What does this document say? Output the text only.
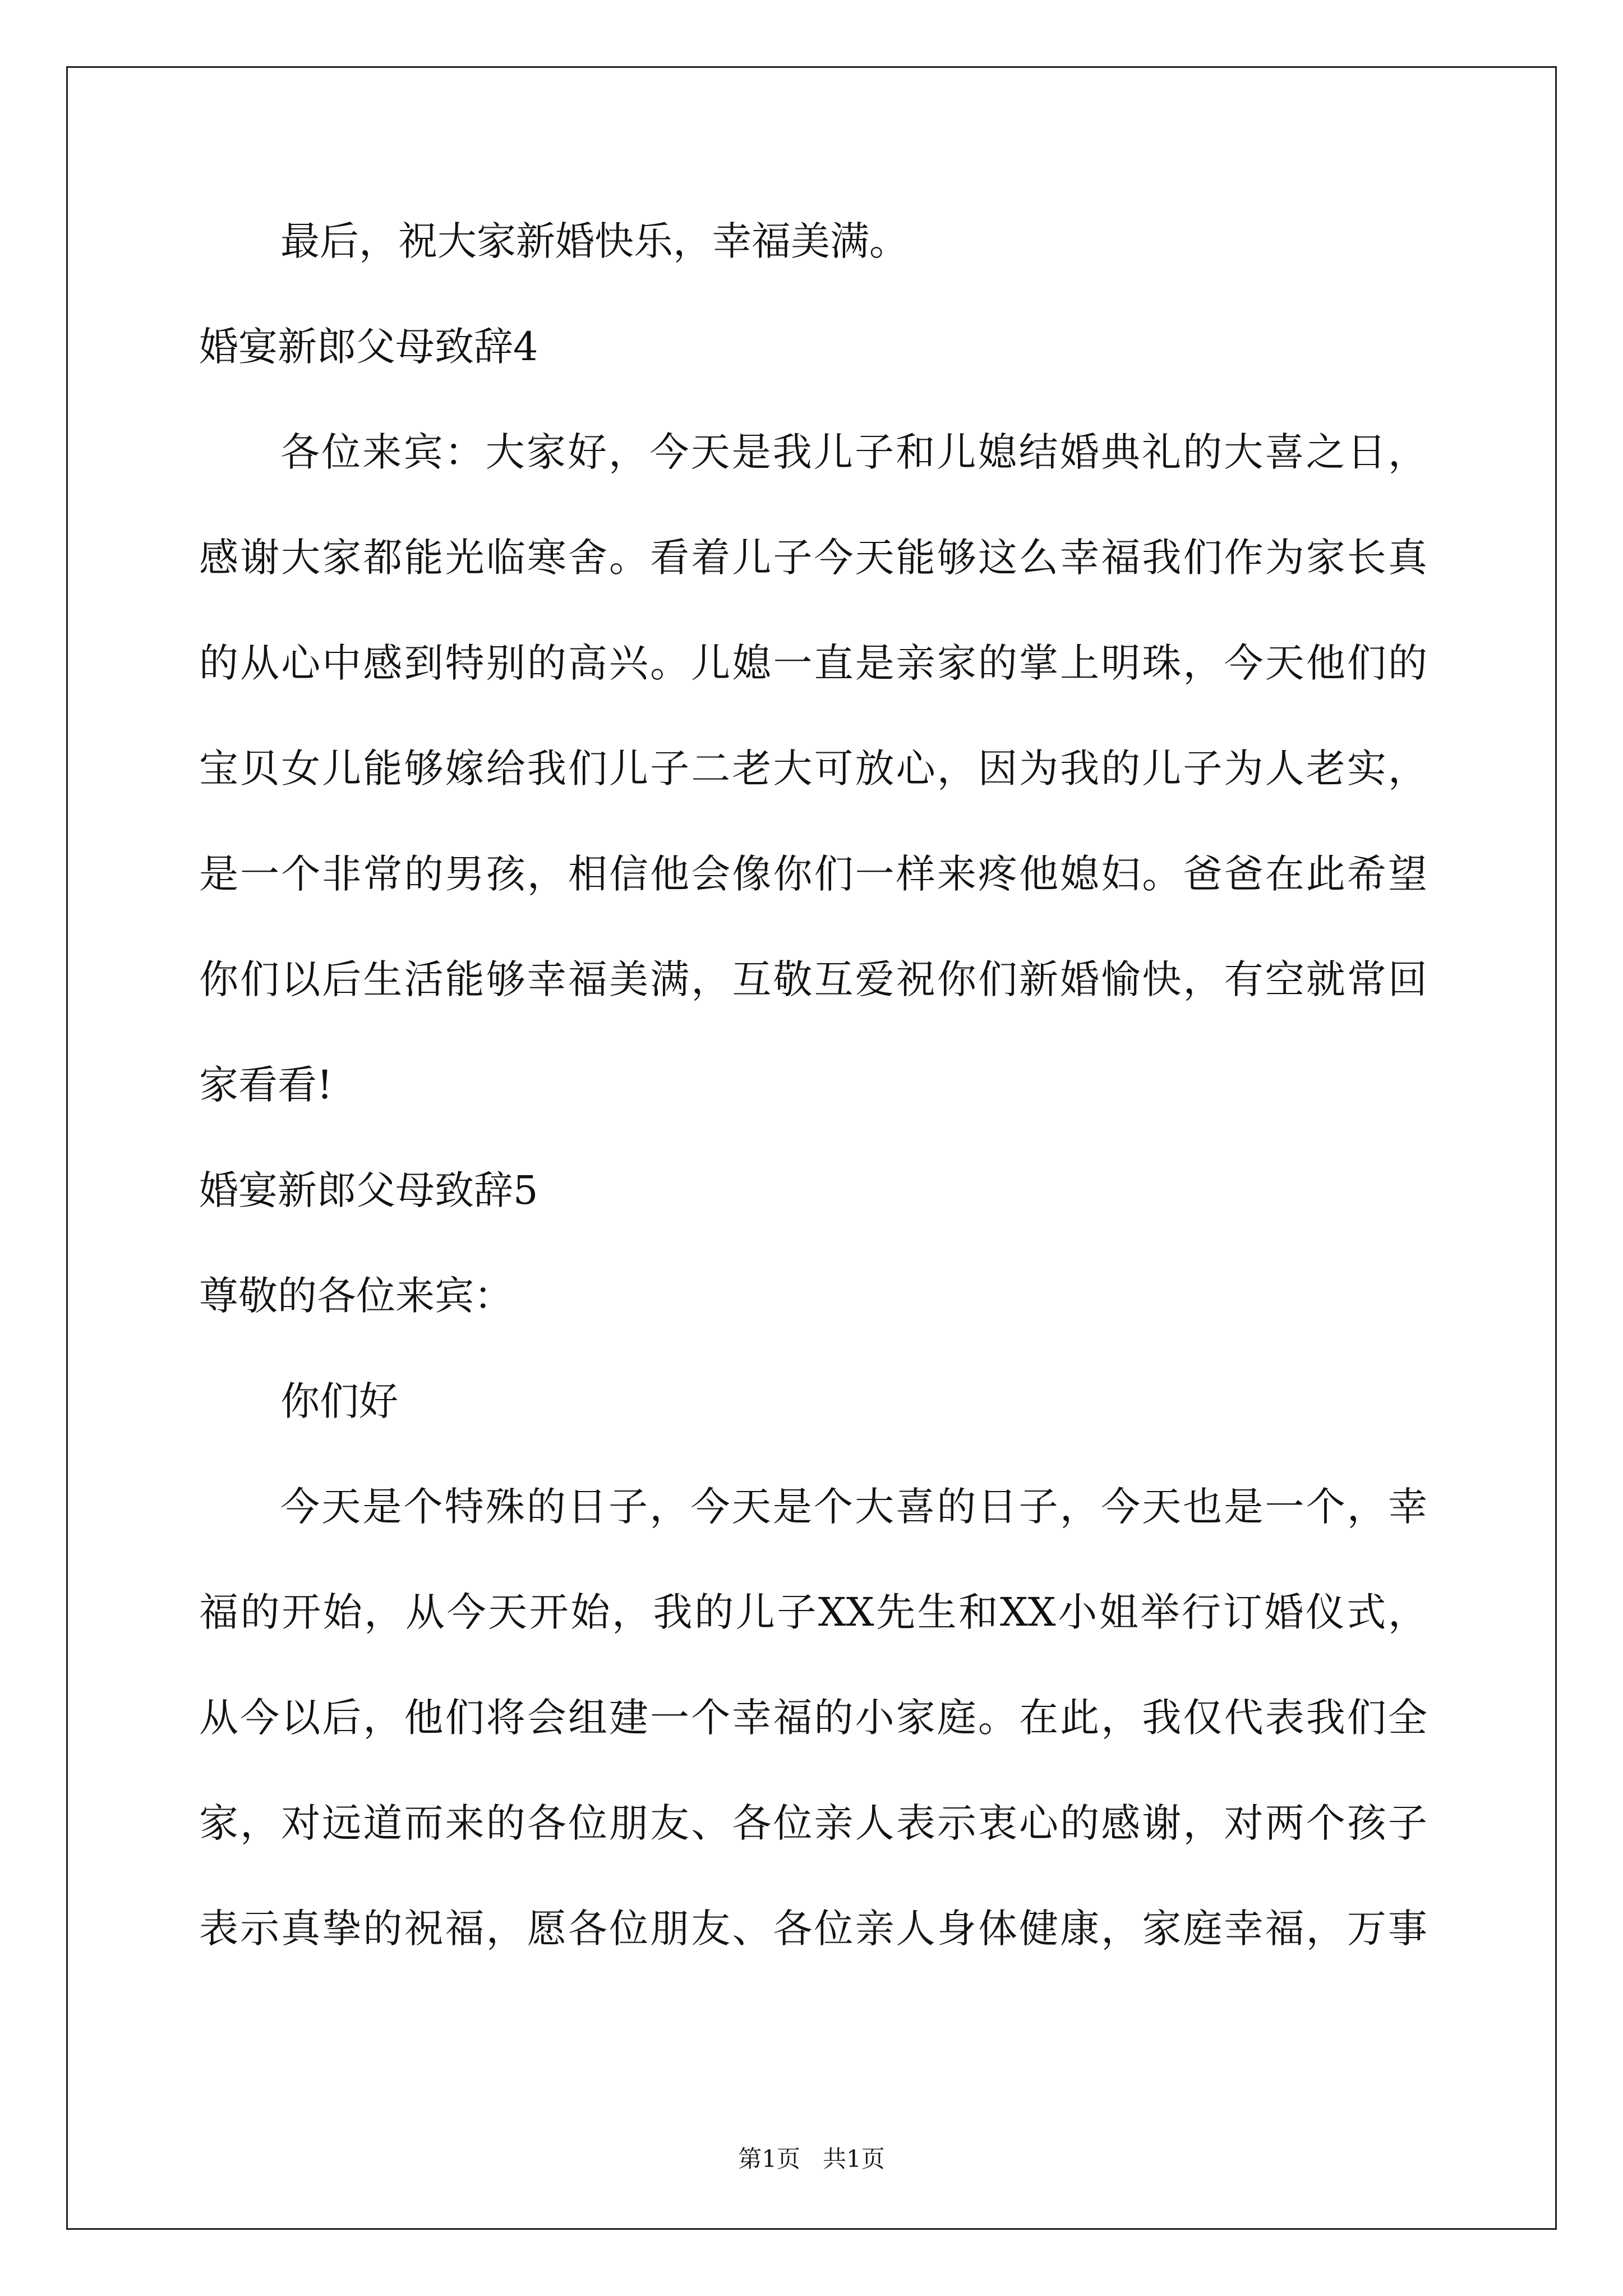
最后，祝大家新婚快乐，幸福美满。
婚宴新郎父母致辞4
各位来宾：大家好，今天是我儿子和儿媳结婚典礼的大喜之日，
感谢大家都能光临寒舍。看着儿子今天能够这么幸福我们作为家长真
的从心中感到特别的高兴。儿媳一直是亲家的掌上明珠，今天他们的
宝贝女儿能够嫁给我们儿子二老大可放心，因为我的儿子为人老实，
是一个非常的男孩，相信他会像你们一样来疼他媳妇。爸爸在此希望
你们以后生活能够幸福美满，互敬互爱祝你们新婚愉快，有空就常回
家看看!
婚宴新郎父母致辞5
尊敬的各位来宾：
你们好
今天是个特殊的日子，今天是个大喜的日子，今天也是一个，幸
福的开始，从今天开始，我的儿子XX先生和XX小姐举行订婚仪式，
从今以后，他们将会组建一个幸福的小家庭。在此，我仅代表我们全
家，对远道而来的各位朋友、各位亲人表示衷心的感谢，对两个孩子
表示真挚的祝福，愿各位朋友、各位亲人身体健康，家庭幸福，万事
第1页   共1页
